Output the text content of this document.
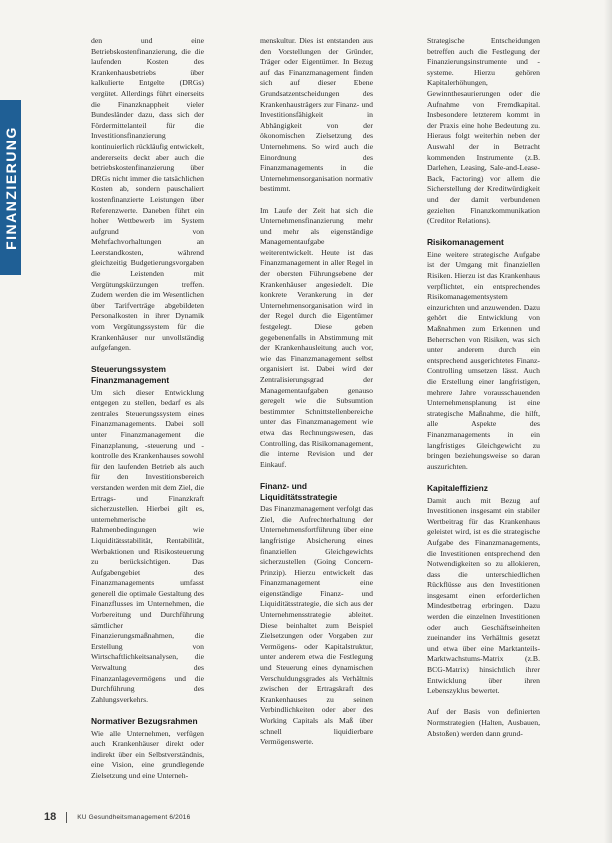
FINANZIERUNG

den und eine Betriebskostenfinanzierung, die die laufenden Kosten des Krankenhausbetriebs über kalkulierte Entgelte (DRGs) vergütet. Allerdings führt einerseits die Finanzknappheit vieler Bundesländer dazu, dass sich der Fördermittelanteil für die Investitionsfinanzierung kontinuierlich rückläufig entwickelt, andererseits deckt aber auch die betriebskostenfinanzierung über DRGs nicht immer die tatsächlichen Kosten ab, sondern pauschaliert kostenfinanzierte Leistungen über Referenzwerte. Daneben führt ein hoher Wettbewerb im System aufgrund von Mehrfachvorhaltungen an Leerstandkosten, während gleichzeitig Budgetierungsvorgaben die Leistenden mit Vergütungskürzungen treffen. Zudem werden die im Wesentlichen über Tarifverträge abgebildeten Personalkosten in ihrer Dynamik vom Vergütungssystem für die Krankenhäuser nur unvollständig aufgefangen.

Steuerungssystem Finanzmanagement

Um sich dieser Entwicklung entgegen zu stellen, bedarf es als zentrales Steuerungssystem eines Finanzmanagements. Dabei soll unter Finanzmanagement die Finanzplanung, -steuerung und -kontrolle des Krankenhauses sowohl für den laufenden Betrieb als auch für den Investitionsbereich verstanden werden mit dem Ziel, die Ertrags- und Finanzkraft sicherzustellen. Hierbei gilt es, unternehmerische Rahmenbedingungen wie Liquiditätsstabilität, Rentabilität, Werbaktionen und Risikosteuerung zu berücksichtigen. Das Aufgabengebiet des Finanzmanagements umfasst generell die optimale Gestaltung des Finanzflusses im Unternehmen, die Vorbereitung und Durchführung sämtlicher Finanzierungsmaßnahmen, die Erstellung von Wirtschaftlichkeitsanalysen, die Verwaltung des Finanzanlagevermögens und die Durchführung des Zahlungsverkehrs.

Normativer Bezugsrahmen

Wie alle Unternehmen, verfügen auch Krankenhäuser direkt oder indirekt über ein Selbstverständnis, eine Vision, eine grundlegende Zielsetzung und eine Unterneh-

menskultur. Dies ist entstanden aus den Vorstellungen der Gründer, Träger oder Eigentümer. In Bezug auf das Finanzmanagement finden sich auf dieser Ebene Grundsatzentscheidungen des Krankenhausträgers zur Finanz- und Investitionsfähigkeit in Abhängigkeit von der ökonomischen Zielsetzung des Unternehmens. So wird auch die Einordnung des Finanzmanagements in die Unternehmensorganisation normativ bestimmt.

Im Laufe der Zeit hat sich die Unternehmensfinanzierung mehr und mehr als eigenständige Managementaufgabe weiterentwickelt. Heute ist das Finanzmanagement in aller Regel in der obersten Führungsebene der Krankenhäuser angesiedelt. Die konkrete Verankerung in der Unternehmensorganisation wird in der Regel durch die Eigentümer festgelegt. Diese geben gegebenenfalls in Abstimmung mit der Krankenhausleitung auch vor, wie das Finanzmanagement selbst organisiert ist. Dabei wird der Zentralisierungsgrad der Managementaufgaben genauso geregelt wie die Subsumtion bestimmter Schnittstellenbereiche unter das Finanzmanagement wie etwa das Rechnungswesen, das Controlling, das Risikomanagement, die interne Revision und der Einkauf.

Finanz- und Liquiditätsstrategie

Das Finanzmanagement verfolgt das Ziel, die Aufrechterhaltung der Unternehmensfortführung über eine langfristige Absicherung eines finanziellen Gleichgewichts sicherzustellen (Going Concern-Prinzip). Hierzu entwickelt das Finanzmanagement eine eigenständige Finanz- und Liquiditätsstrategie, die sich aus der Unternehmensstrategie ableitet. Diese beinhaltet zum Beispiel Zielsetzungen oder Vorgaben zur Vermögens- oder Kapitalstruktur, unter anderem etwa die Festlegung und Steuerung eines dynamischen Verschuldungsgrades als Verhältnis zwischen der Ertragskraft des Krankenhauses zu seinen Verbindlichkeiten oder aber des Working Capitals als Maß über schnell liquidierbare Vermögenswerte.

Strategische Entscheidungen betreffen auch die Festlegung der Finanzierungsinstrumente und -systeme. Hierzu gehören Kapitalerhöhungen, Gewinnthesaurierungen oder die Aufnahme von Fremdkapital. Insbesondere letzterem kommt in der Praxis eine hohe Bedeutung zu. Hieraus folgt weiterhin neben der Auswahl der in Betracht kommenden Instrumente (z.B. Darlehen, Leasing, Sale-and-Lease-Back, Factoring) vor allem die Sicherstellung der Kreditwürdigkeit und der damit verbundenen gezielten Finanzkommunikation (Creditor Relations).

Risikomanagement

Eine weitere strategische Aufgabe ist der Umgang mit finanziellen Risiken. Hierzu ist das Krankenhaus verpflichtet, ein entsprechendes Risikomanagementsystem einzurichten und anzuwenden. Dazu gehört die Entwicklung von Maßnahmen zum Erkennen und Beherrschen von Risiken, was sich unter anderem durch ein entsprechend ausgerichtetes Finanz-Controlling umsetzen lässt. Auch die Erstellung einer langfristigen, mehrere Jahre vorausschauenden Unternehmensplanung ist eine strategische Maßnahme, die hilft, alle Aspekte des Finanzmanagements in ein langfristiges Gleichgewicht zu bringen beziehungsweise so daran auszurichten.

Kapitaleffizienz

Damit auch mit Bezug auf Investitionen insgesamt ein stabiler Wertbeitrag für das Krankenhaus geleistet wird, ist es die strategische Aufgabe des Finanzmanagements, die Investitionen entsprechend den Notwendigkeiten so zu allokieren, dass die unterschiedlichen Rückflüsse aus den Investitionen insgesamt einen erforderlichen Mindestbetrag erbringen. Dazu werden die einzelnen Investitionen oder auch Geschäftseinheiten zueinander ins Verhältnis gesetzt und etwa über eine Marktanteils-Marktwachstums-Matrix (z.B. BCG-Matrix) hinsichtlich ihrer Entwicklung über ihren Lebenszyklus bewertet.

Auf der Basis von definierten Normstrategien (Halten, Ausbauen, Abstoßen) werden dann grund-

18	KU Gesundheitsmanagement 6/2016
